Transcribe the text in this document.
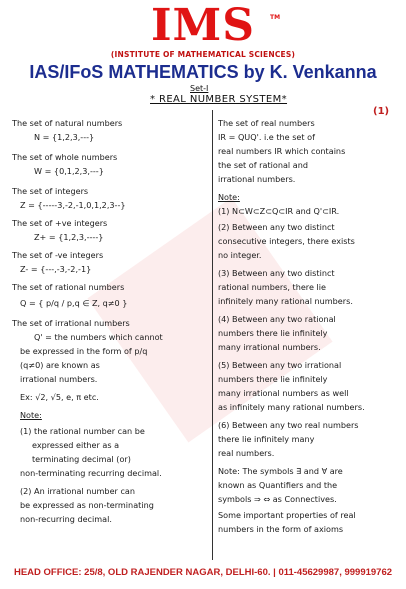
IMS	TM
(INSTITUTE OF MATHEMATICAL SCIENCES)
IAS/IFoS MATHEMATICS by K. Venkanna
Set-I
* REAL NUMBER SYSTEM*
(1)
The set of natural numbers
N = {1,2,3,---}
The set of whole numbers
W = {0,1,2,3,---}
The set of integers
Z = {-----3,-2,-1,0,1,2,3--}
The set of +ve integers
Z+ = {1,2,3,----}
The set of -ve integers
Z- = {---,-3,-2,-1}
The set of rational numbers
Q = { p/q / p,q ∈ Z, q≠0 }
The set of irrational numbers
Q' = the numbers which cannot
be expressed in the form of p/q
(q≠0) are known as
irrational numbers.
Ex: √2, √5, e, π etc.
Note:
(1) the rational number can be
expressed either as a
terminating decimal (or)
non-terminating recurring decimal.
(2) An irrational number can
be expressed as non-terminating
non-recurring decimal.
The set of real numbers
IR = QUQ'. i.e the set of
real numbers IR which contains
the set of rational and
irrational numbers.
Note:
(1) N⊂W⊂Z⊂Q⊂IR and Q'⊂IR.
(2) Between any two distinct
consecutive integers, there exists
no integer.
(3) Between any two distinct
rational numbers, there lie
infinitely many rational numbers.
(4) Between any two rational
numbers there lie infinitely
many irrational numbers.
(5) Between any two irrational
numbers there lie infinitely
many irrational numbers as well
as infinitely many rational numbers.
(6) Between any two real numbers
there lie infinitely many
real numbers.
Note: The symbols ∃ and ∀ are
known as Quantifiers and the
symbols ⇒ ⇔ as Connectives.
Some important properties of real
numbers in the form of axioms
HEAD OFFICE: 25/8, OLD RAJENDER NAGAR, DELHI-60. | 011-45629987, 999919762
